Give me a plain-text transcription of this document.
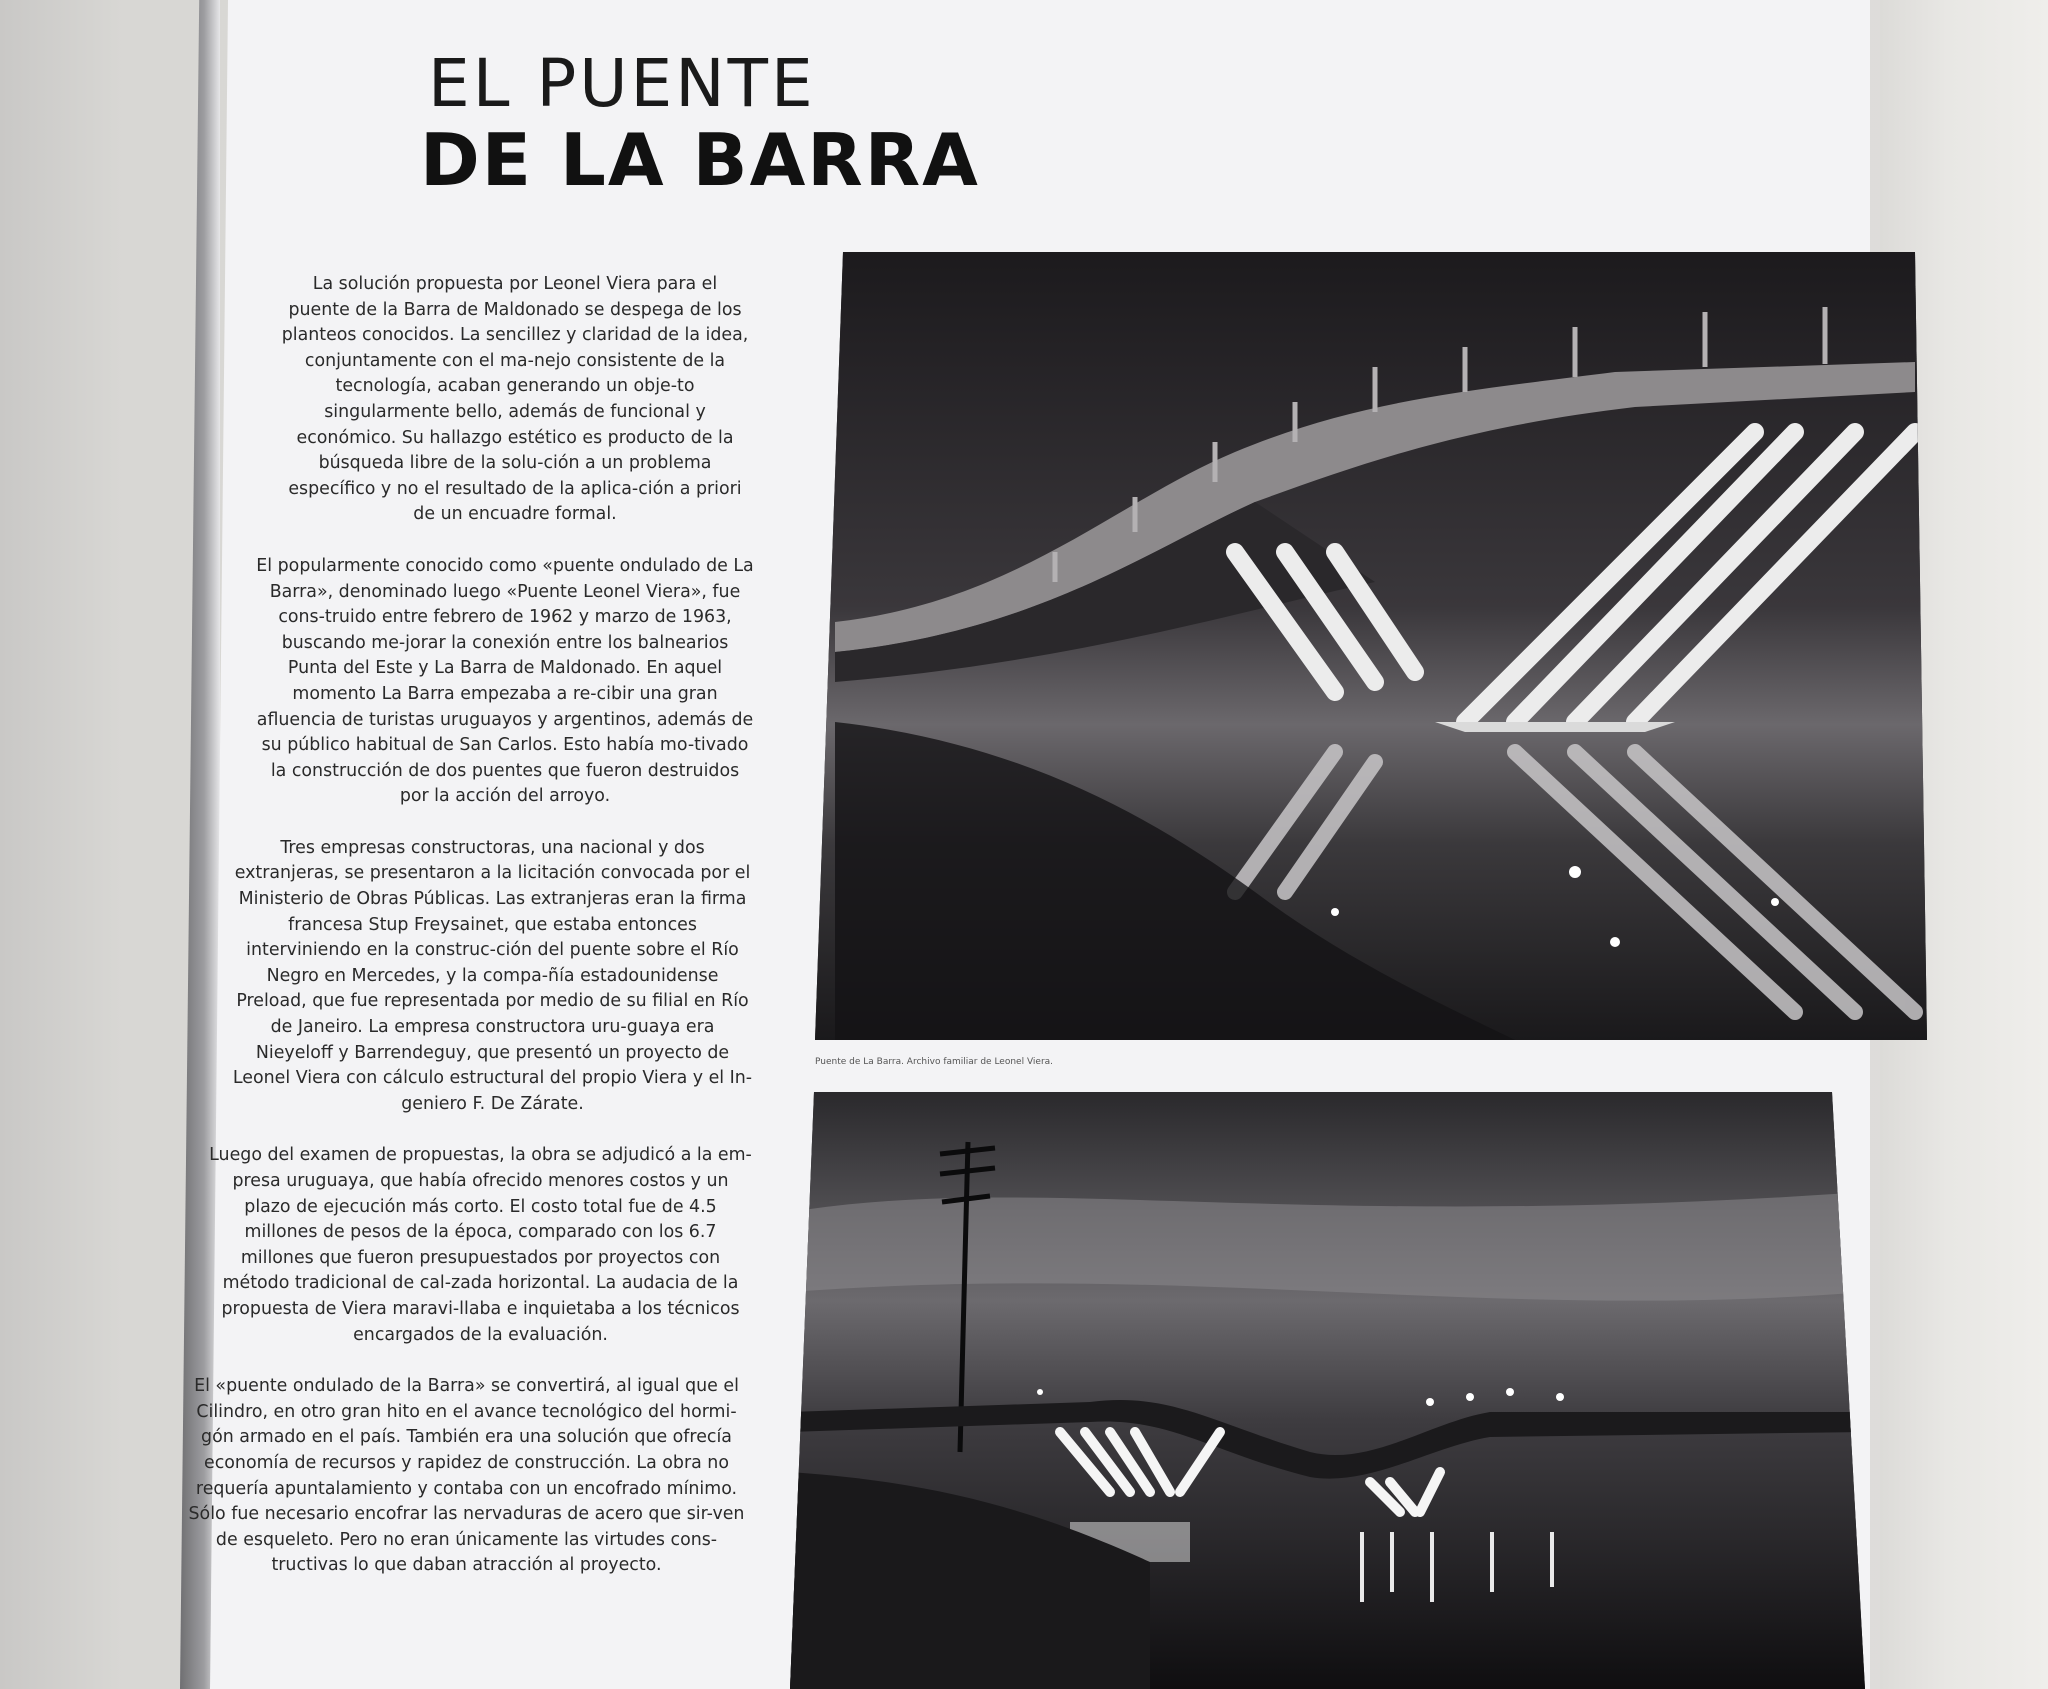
EL PUENTE
DE LA BARRA

La solución propuesta por Leonel Viera para el puente de la Barra de Maldonado se despega de los planteos conocidos. La sencillez y claridad de la idea, conjuntamente con el ma-nejo consistente de la tecnología, acaban generando un obje-to singularmente bello, además de funcional y económico. Su hallazgo estético es producto de la búsqueda libre de la solu-ción a un problema específico y no el resultado de la aplica-ción a priori de un encuadre formal.

El popularmente conocido como «puente ondulado de La Barra», denominado luego «Puente Leonel Viera», fue cons-truido entre febrero de 1962 y marzo de 1963, buscando me-jorar la conexión entre los balnearios Punta del Este y La Barra de Maldonado. En aquel momento La Barra empezaba a re-cibir una gran afluencia de turistas uruguayos y argentinos, además de su público habitual de San Carlos. Esto había mo-tivado la construcción de dos puentes que fueron destruidos por la acción del arroyo.

Tres empresas constructoras, una nacional y dos extranjeras, se presentaron a la licitación convocada por el Ministerio de Obras Públicas. Las extranjeras eran la firma francesa Stup Freysainet, que estaba entonces interviniendo en la construc-ción del puente sobre el Río Negro en Mercedes, y la compa-ñía estadounidense Preload, que fue representada por medio de su filial en Río de Janeiro. La empresa constructora uru-guaya era Nieyeloff y Barrendeguy, que presentó un proyecto de Leonel Viera con cálculo estructural del propio Viera y el In-geniero F. De Zárate.

Luego del examen de propuestas, la obra se adjudicó a la em-presa uruguaya, que había ofrecido menores costos y un plazo de ejecución más corto. El costo total fue de 4.5 millones de pesos de la época, comparado con los 6.7 millones que fueron presupuestados por proyectos con método tradicional de cal-zada horizontal. La audacia de la propuesta de Viera maravi-llaba e inquietaba a los técnicos encargados de la evaluación.

El «puente ondulado de la Barra» se convertirá, al igual que el Cilindro, en otro gran hito en el avance tecnológico del hormi-gón armado en el país. También era una solución que ofrecía economía de recursos y rapidez de construcción. La obra no requería apuntalamiento y contaba con un encofrado mínimo. Sólo fue necesario encofrar las nervaduras de acero que sir-ven de esqueleto. Pero no eran únicamente las virtudes cons-tructivas lo que daban atracción al proyecto.

Puente de La Barra. Archivo familiar de Leonel Viera.
